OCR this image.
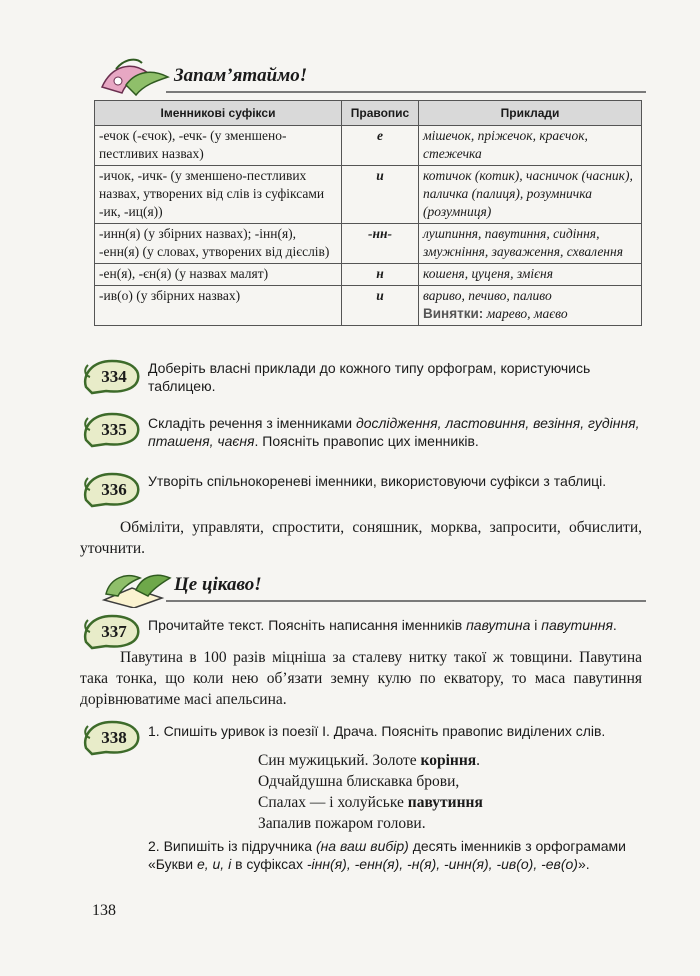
Запам’ятаймо!
Іменникові суфікси	Правопис	Приклади
-ечок (-єчок), -ечк- (у зменшено-пестливих назвах)	е	мішечок, пріжечок, краєчок, стежечка
-ичок, -ичк- (у зменшено-пестливих назвах, утворених від слів із суфіксами -ик, -иц(я))	и	котичок (котик), часничок (часник), паличка (палиця), розумничка (розумниця)
-инн(я) (у збірних назвах); -інн(я), -енн(я) (у словах, утворених від дієслів)	-нн-	лушпиння, павутиння, сидіння, змужніння, зауваження, схвалення
-ен(я), -єн(я) (у назвах малят)	н	кошеня, цуценя, змієня
-ив(о) (у збірних назвах)	и	вариво, печиво, паливо
Винятки: марево, маєво
334 Доберіть власні приклади до кожного типу орфограм, користуючись таблицею.
335 Складіть речення з іменниками дослідження, ластовиння, везіння, гудіння, пташеня, чаєня. Поясніть правопис цих іменників.
336 Утворіть спільнокореневі іменники, використовуючи суфікси з таблиці.
Обміліти, управляти, спростити, соняшник, морква, запросити, обчислити, уточнити.
Це цікаво!
337 Прочитайте текст. Поясніть написання іменників павутина і павутиння.
Павутина в 100 разів міцніша за сталеву нитку такої ж товщини. Павутина така тонка, що коли нею об’язати земну кулю по екватору, то маса павутиння дорівнюватиме масі апельсина.
338 1. Спишіть уривок із поезії І. Драча. Поясніть правопис виділених слів.
Син мужицький. Золоте коріння.
Одчайдушна блискавка брови,
Спалах — і холуйське павутиння
Запалив пожаром голови.
2. Випишіть із підручника (на ваш вибір) десять іменників з орфограмами «Букви е, и, і в суфіксах -інн(я), -енн(я), -н(я), -инн(я), -ив(о), -ев(о)».
138
